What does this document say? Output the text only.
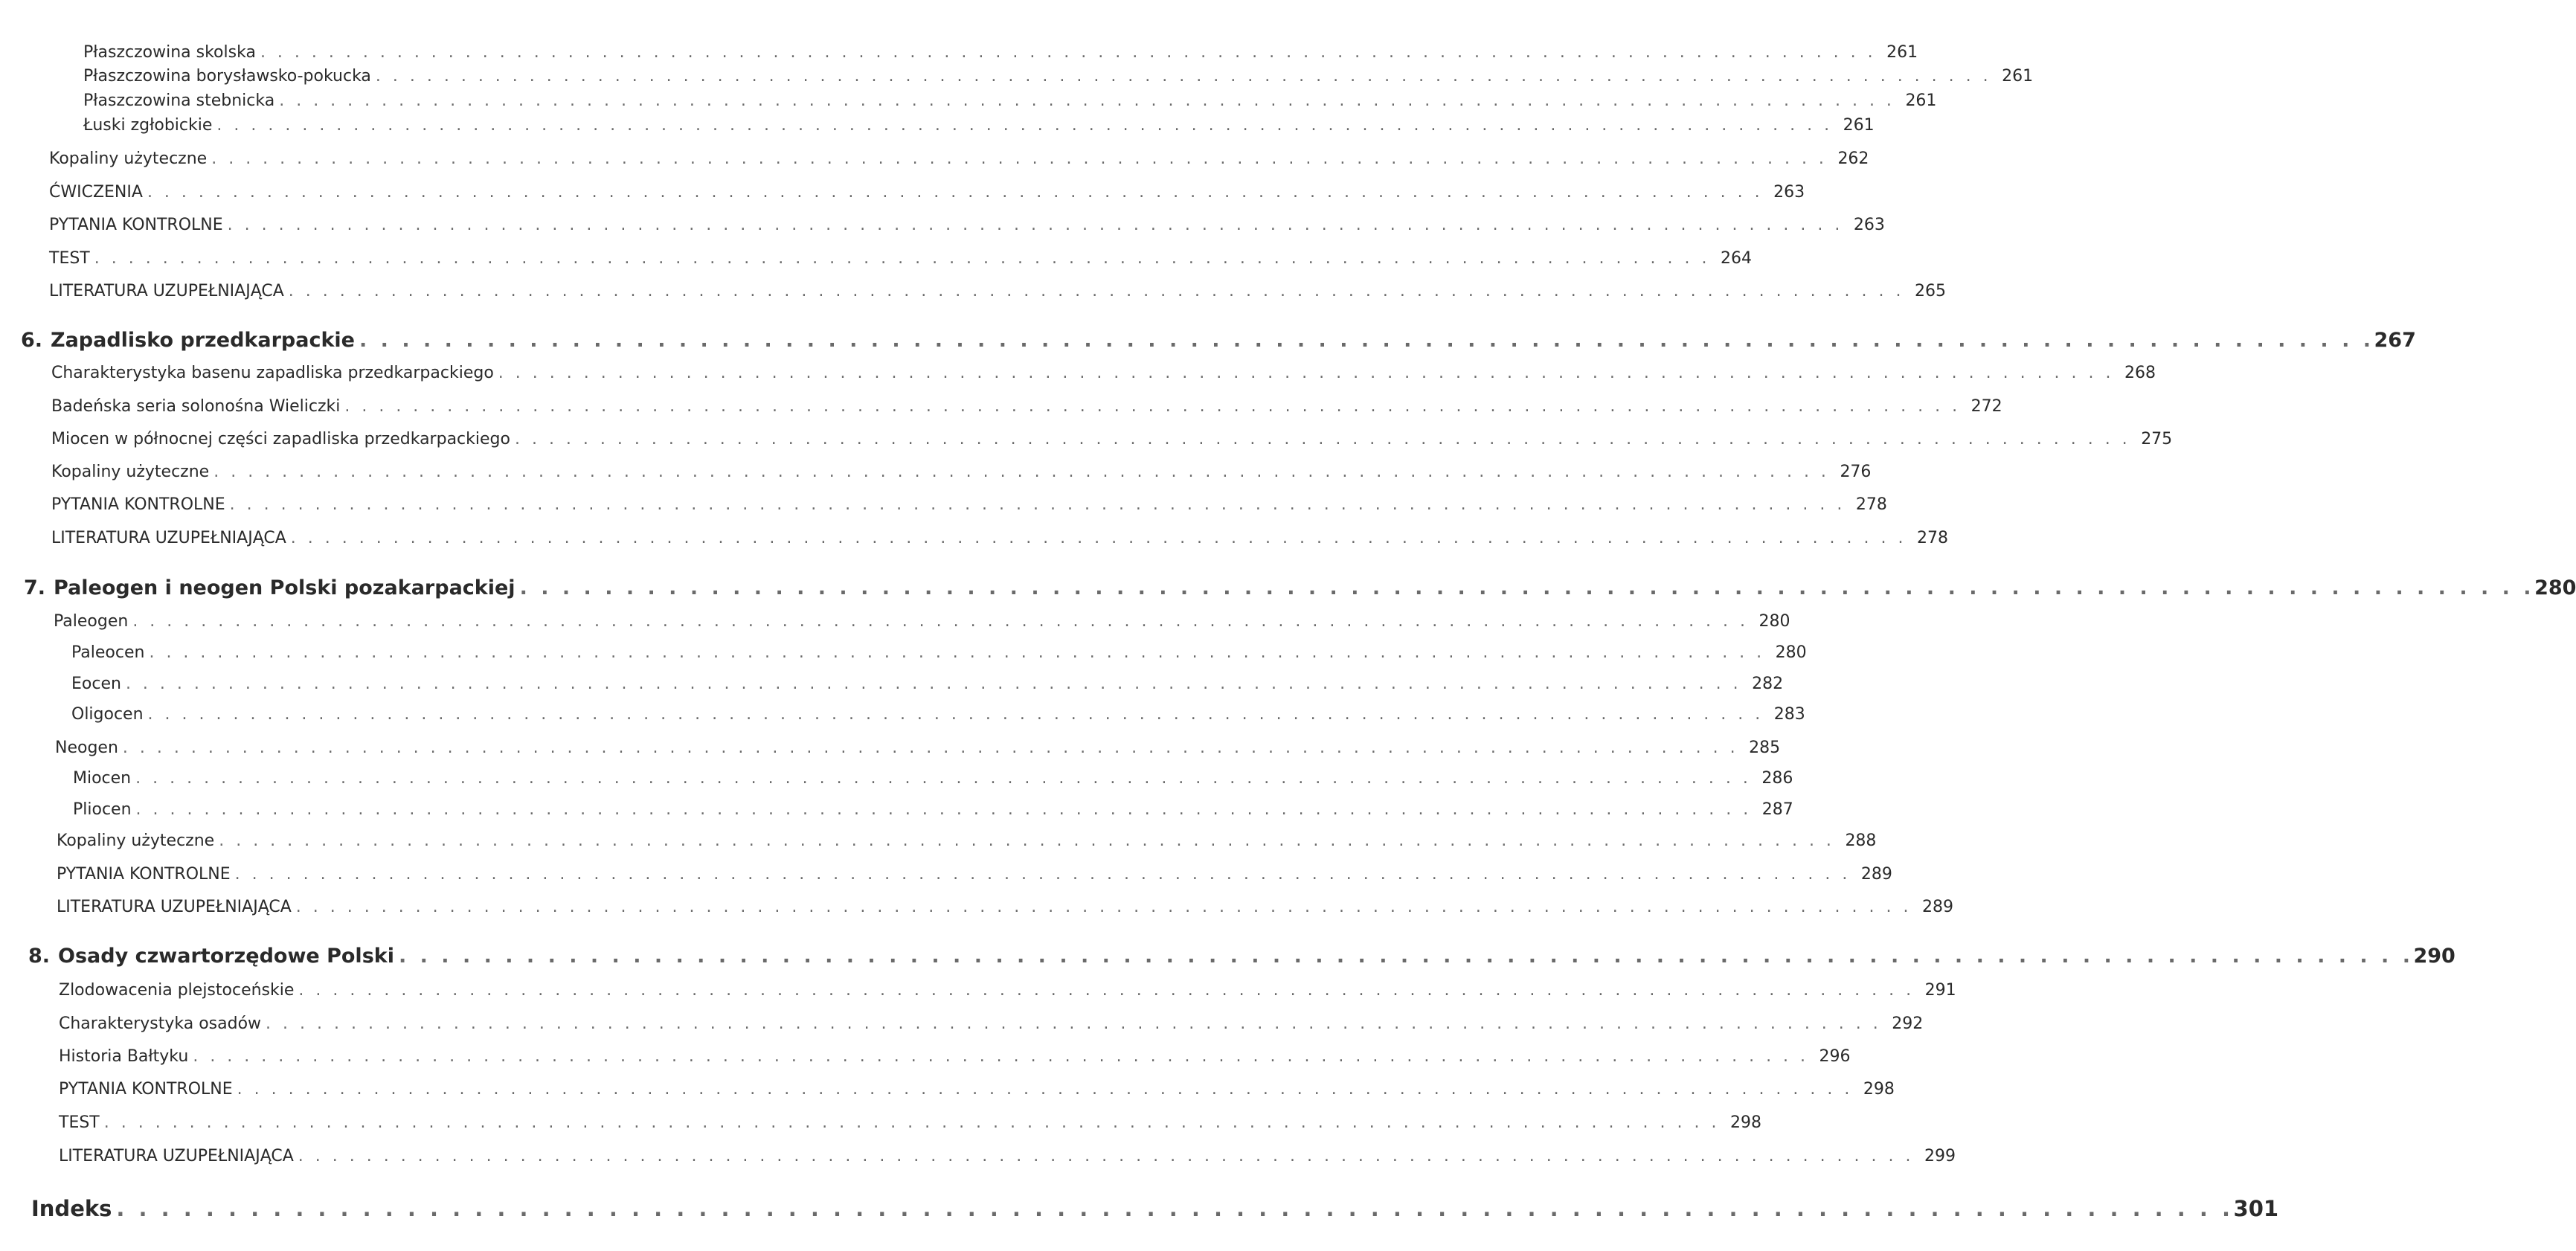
Płaszczowina skolska . . . . . . . . . . . . . . . . . . . . . . . . . . . . . . . . . . . . . . . . . . . . . . . . . . . . . . . . . . . . . . . . . . . . . . . . . . . . . . . . . . . . . . . . . . . . . . . 261
Płaszczowina borysławsko-pokucka . . . . . . . . . . . . . . . . . . . . . . . . . . . . . . . . . . . . . . . . . . . . . . . . . . . . . . . . . . . . . . . . . . . . . . . . . . . . . . . . . . . . . . . . . . . . . . . 261
Płaszczowina stebnicka . . . . . . . . . . . . . . . . . . . . . . . . . . . . . . . . . . . . . . . . . . . . . . . . . . . . . . . . . . . . . . . . . . . . . . . . . . . . . . . . . . . . . . . . . . . . . . . 261
Łuski zgłobickie . . . . . . . . . . . . . . . . . . . . . . . . . . . . . . . . . . . . . . . . . . . . . . . . . . . . . . . . . . . . . . . . . . . . . . . . . . . . . . . . . . . . . . . . . . . . . . . 261
Kopaliny użyteczne . . . . . . . . . . . . . . . . . . . . . . . . . . . . . . . . . . . . . . . . . . . . . . . . . . . . . . . . . . . . . . . . . . . . . . . . . . . . . . . . . . . . . . . . . . . . . . . 262
ĆWICZENIA . . . . . . . . . . . . . . . . . . . . . . . . . . . . . . . . . . . . . . . . . . . . . . . . . . . . . . . . . . . . . . . . . . . . . . . . . . . . . . . . . . . . . . . . . . . . . . . 263
PYTANIA KONTROLNE . . . . . . . . . . . . . . . . . . . . . . . . . . . . . . . . . . . . . . . . . . . . . . . . . . . . . . . . . . . . . . . . . . . . . . . . . . . . . . . . . . . . . . . . . . . . . . . 263
TEST . . . . . . . . . . . . . . . . . . . . . . . . . . . . . . . . . . . . . . . . . . . . . . . . . . . . . . . . . . . . . . . . . . . . . . . . . . . . . . . . . . . . . . . . . . . . . . . 264
LITERATURA UZUPEŁNIAJĄCA . . . . . . . . . . . . . . . . . . . . . . . . . . . . . . . . . . . . . . . . . . . . . . . . . . . . . . . . . . . . . . . . . . . . . . . . . . . . . . . . . . . . . . . . . . . . . . . 265
6. Zapadlisko przedkarpackie . . . . . . . . . . . . . . . . . . . . . . . . . . . . . . . . . . . . . . . . . . . . . . . . . . . . . . . . . . . . . . . . . . . . . . . . . . . . . . . . . . . . . . . . . . . . . . . 267
Charakterystyka basenu zapadliska przedkarpackiego . . . . . . . . . . . . . . . . . . . . . . . . . . . . . . . . . . . . . . . . . . . . . . . . . . . . . . . . . . . . . . . . . . . . . . . . . . . . . . . . . . . . . . . . . . . . . . . 268
Badeńska seria solonośna Wieliczki . . . . . . . . . . . . . . . . . . . . . . . . . . . . . . . . . . . . . . . . . . . . . . . . . . . . . . . . . . . . . . . . . . . . . . . . . . . . . . . . . . . . . . . . . . . . . . . 272
Miocen w północnej części zapadliska przedkarpackiego . . . . . . . . . . . . . . . . . . . . . . . . . . . . . . . . . . . . . . . . . . . . . . . . . . . . . . . . . . . . . . . . . . . . . . . . . . . . . . . . . . . . . . . . . . . . . . . 275
Kopaliny użyteczne . . . . . . . . . . . . . . . . . . . . . . . . . . . . . . . . . . . . . . . . . . . . . . . . . . . . . . . . . . . . . . . . . . . . . . . . . . . . . . . . . . . . . . . . . . . . . . . 276
PYTANIA KONTROLNE . . . . . . . . . . . . . . . . . . . . . . . . . . . . . . . . . . . . . . . . . . . . . . . . . . . . . . . . . . . . . . . . . . . . . . . . . . . . . . . . . . . . . . . . . . . . . . . 278
LITERATURA UZUPEŁNIAJĄCA . . . . . . . . . . . . . . . . . . . . . . . . . . . . . . . . . . . . . . . . . . . . . . . . . . . . . . . . . . . . . . . . . . . . . . . . . . . . . . . . . . . . . . . . . . . . . . . 278
7. Paleogen i neogen Polski pozakarpackiej . . . . . . . . . . . . . . . . . . . . . . . . . . . . . . . . . . . . . . . . . . . . . . . . . . . . . . . . . . . . . . . . . . . . . . . . . . . . . . . . . . . . . . . . . . . . . . . 280
Paleogen . . . . . . . . . . . . . . . . . . . . . . . . . . . . . . . . . . . . . . . . . . . . . . . . . . . . . . . . . . . . . . . . . . . . . . . . . . . . . . . . . . . . . . . . . . . . . . . 280
Paleocen . . . . . . . . . . . . . . . . . . . . . . . . . . . . . . . . . . . . . . . . . . . . . . . . . . . . . . . . . . . . . . . . . . . . . . . . . . . . . . . . . . . . . . . . . . . . . . . 280
Eocen . . . . . . . . . . . . . . . . . . . . . . . . . . . . . . . . . . . . . . . . . . . . . . . . . . . . . . . . . . . . . . . . . . . . . . . . . . . . . . . . . . . . . . . . . . . . . . . 282
Oligocen . . . . . . . . . . . . . . . . . . . . . . . . . . . . . . . . . . . . . . . . . . . . . . . . . . . . . . . . . . . . . . . . . . . . . . . . . . . . . . . . . . . . . . . . . . . . . . . 283
Neogen . . . . . . . . . . . . . . . . . . . . . . . . . . . . . . . . . . . . . . . . . . . . . . . . . . . . . . . . . . . . . . . . . . . . . . . . . . . . . . . . . . . . . . . . . . . . . . . 285
Miocen . . . . . . . . . . . . . . . . . . . . . . . . . . . . . . . . . . . . . . . . . . . . . . . . . . . . . . . . . . . . . . . . . . . . . . . . . . . . . . . . . . . . . . . . . . . . . . . 286
Pliocen . . . . . . . . . . . . . . . . . . . . . . . . . . . . . . . . . . . . . . . . . . . . . . . . . . . . . . . . . . . . . . . . . . . . . . . . . . . . . . . . . . . . . . . . . . . . . . . 287
Kopaliny użyteczne . . . . . . . . . . . . . . . . . . . . . . . . . . . . . . . . . . . . . . . . . . . . . . . . . . . . . . . . . . . . . . . . . . . . . . . . . . . . . . . . . . . . . . . . . . . . . . . 288
PYTANIA KONTROLNE . . . . . . . . . . . . . . . . . . . . . . . . . . . . . . . . . . . . . . . . . . . . . . . . . . . . . . . . . . . . . . . . . . . . . . . . . . . . . . . . . . . . . . . . . . . . . . . 289
LITERATURA UZUPEŁNIAJĄCA . . . . . . . . . . . . . . . . . . . . . . . . . . . . . . . . . . . . . . . . . . . . . . . . . . . . . . . . . . . . . . . . . . . . . . . . . . . . . . . . . . . . . . . . . . . . . . . 289
8. Osady czwartorzędowe Polski . . . . . . . . . . . . . . . . . . . . . . . . . . . . . . . . . . . . . . . . . . . . . . . . . . . . . . . . . . . . . . . . . . . . . . . . . . . . . . . . . . . . . . . . . . . . . . . 290
Zlodowacenia plejstoceńskie . . . . . . . . . . . . . . . . . . . . . . . . . . . . . . . . . . . . . . . . . . . . . . . . . . . . . . . . . . . . . . . . . . . . . . . . . . . . . . . . . . . . . . . . . . . . . . . 291
Charakterystyka osadów . . . . . . . . . . . . . . . . . . . . . . . . . . . . . . . . . . . . . . . . . . . . . . . . . . . . . . . . . . . . . . . . . . . . . . . . . . . . . . . . . . . . . . . . . . . . . . . 292
Historia Bałtyku . . . . . . . . . . . . . . . . . . . . . . . . . . . . . . . . . . . . . . . . . . . . . . . . . . . . . . . . . . . . . . . . . . . . . . . . . . . . . . . . . . . . . . . . . . . . . . . 296
PYTANIA KONTROLNE . . . . . . . . . . . . . . . . . . . . . . . . . . . . . . . . . . . . . . . . . . . . . . . . . . . . . . . . . . . . . . . . . . . . . . . . . . . . . . . . . . . . . . . . . . . . . . . 298
TEST . . . . . . . . . . . . . . . . . . . . . . . . . . . . . . . . . . . . . . . . . . . . . . . . . . . . . . . . . . . . . . . . . . . . . . . . . . . . . . . . . . . . . . . . . . . . . . . 298
LITERATURA UZUPEŁNIAJĄCA . . . . . . . . . . . . . . . . . . . . . . . . . . . . . . . . . . . . . . . . . . . . . . . . . . . . . . . . . . . . . . . . . . . . . . . . . . . . . . . . . . . . . . . . . . . . . . . 299
Indeks . . . . . . . . . . . . . . . . . . . . . . . . . . . . . . . . . . . . . . . . . . . . . . . . . . . . . . . . . . . . . . . . . . . . . . . . . . . . . . . . . . . . . . . . . . . . . . . 301
